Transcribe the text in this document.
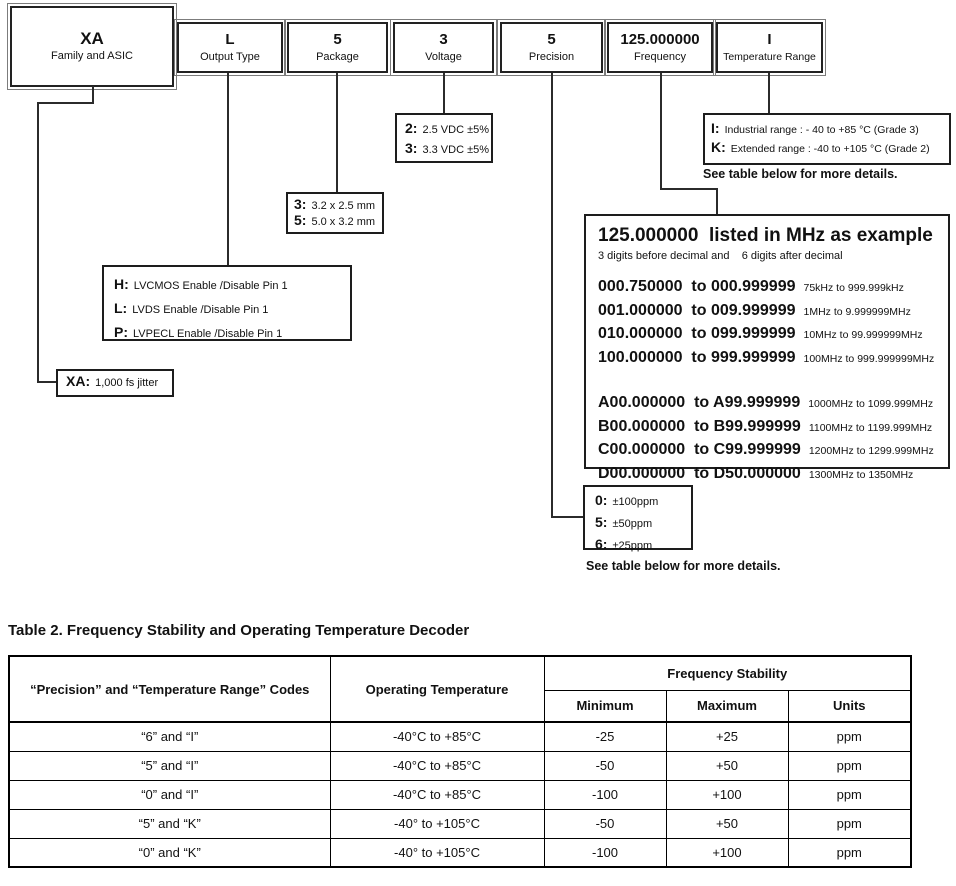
XA
Family and ASIC
L
Output Type
5
Package
3
Voltage
5
Precision
125.000000
Frequency
I
Temperature Range
2: 2.5 VDC ±5%
3: 3.3 VDC ±5%
I: Industrial range : - 40 to +85 °C (Grade 3)
K: Extended range : -40 to +105 °C (Grade 2)
See table below for more details.
3: 3.2 x 2.5 mm
5: 5.0 x 3.2 mm
125.000000  listed in MHz as example
3 digits before decimal and    6 digits after decimal
000.750000  to 000.999999 75kHz to 999.999kHz
001.000000  to 009.999999 1MHz to 9.999999MHz
010.000000  to 099.999999 10MHz to 99.999999MHz
100.000000  to 999.999999 100MHz to 999.999999MHz
A00.000000  to A99.999999 1000MHz to 1099.999MHz
B00.000000  to B99.999999 1100MHz to 1199.999MHz
C00.000000  to C99.999999 1200MHz to 1299.999MHz
D00.000000  to D50.000000 1300MHz to 1350MHz
H: LVCMOS Enable /Disable Pin 1
L: LVDS Enable /Disable Pin 1
P: LVPECL Enable /Disable Pin 1
XA: 1,000 fs jitter
0: ±100ppm
5: ±50ppm
6: ±25ppm
See table below for more details.
Table 2. Frequency Stability and Operating Temperature Decoder
“Precision” and “Temperature Range” Codes	Operating Temperature	Frequency Stability		
		Minimum	Maximum	Units
“6” and “I”	-40°C to +85°C	-25	+25	ppm
“5” and “I”	-40°C to +85°C	-50	+50	ppm
“0” and “I”	-40°C to +85°C	-100	+100	ppm
“5” and “K”	-40° to +105°C	-50	+50	ppm
“0” and “K”	-40° to +105°C	-100	+100	ppm
